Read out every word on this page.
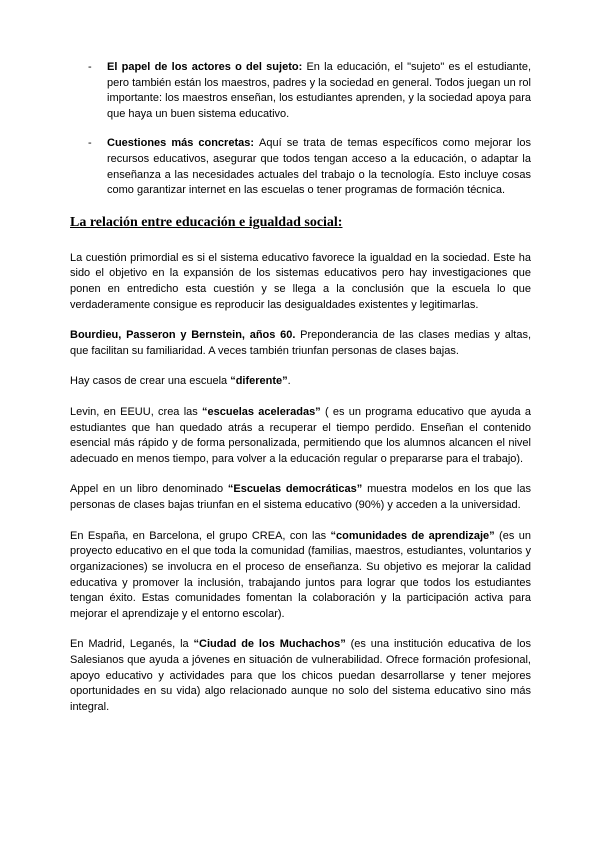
-	El papel de los actores o del sujeto: En la educación, el "sujeto" es el estudiante, pero también están los maestros, padres y la sociedad en general. Todos juegan un rol importante: los maestros enseñan, los estudiantes aprenden, y la sociedad apoya para que haya un buen sistema educativo.
-	Cuestiones más concretas: Aquí se trata de temas específicos como mejorar los recursos educativos, asegurar que todos tengan acceso a la educación, o adaptar la enseñanza a las necesidades actuales del trabajo o la tecnología. Esto incluye cosas como garantizar internet en las escuelas o tener programas de formación técnica.
La relación entre educación e igualdad social:

La cuestión primordial es si el sistema educativo favorece la igualdad en la sociedad. Este ha sido el objetivo en la expansión de los sistemas educativos pero hay investigaciones que ponen en entredicho esta cuestión y se llega a la conclusión que la escuela lo que verdaderamente consigue es reproducir las desigualdades existentes y legitimarlas.

Bourdieu, Passeron y Bernstein, años 60. Preponderancia de las clases medias y altas, que facilitan su familiaridad. A veces también triunfan personas de clases bajas.

Hay casos de crear una escuela “diferente”.

Levin, en EEUU, crea las “escuelas aceleradas” ( es un programa educativo que ayuda a estudiantes que han quedado atrás a recuperar el tiempo perdido. Enseñan el contenido esencial más rápido y de forma personalizada, permitiendo que los alumnos alcancen el nivel adecuado en menos tiempo, para volver a la educación regular o prepararse para el trabajo).

Appel en un libro denominado “Escuelas democráticas” muestra modelos en los que las personas de clases bajas triunfan en el sistema educativo (90%) y acceden a la universidad.

En España, en Barcelona, el grupo CREA, con las “comunidades de aprendizaje” (es un proyecto educativo en el que toda la comunidad (familias, maestros, estudiantes, voluntarios y organizaciones) se involucra en el proceso de enseñanza. Su objetivo es mejorar la calidad educativa y promover la inclusión, trabajando juntos para lograr que todos los estudiantes tengan éxito. Estas comunidades fomentan la colaboración y la participación activa para mejorar el aprendizaje y el entorno escolar).

En Madrid, Leganés, la “Ciudad de los Muchachos” (es una institución educativa de los Salesianos que ayuda a jóvenes en situación de vulnerabilidad. Ofrece formación profesional, apoyo educativo y actividades para que los chicos puedan desarrollarse y tener mejores oportunidades en su vida) algo relacionado aunque no solo del sistema educativo sino más integral.
